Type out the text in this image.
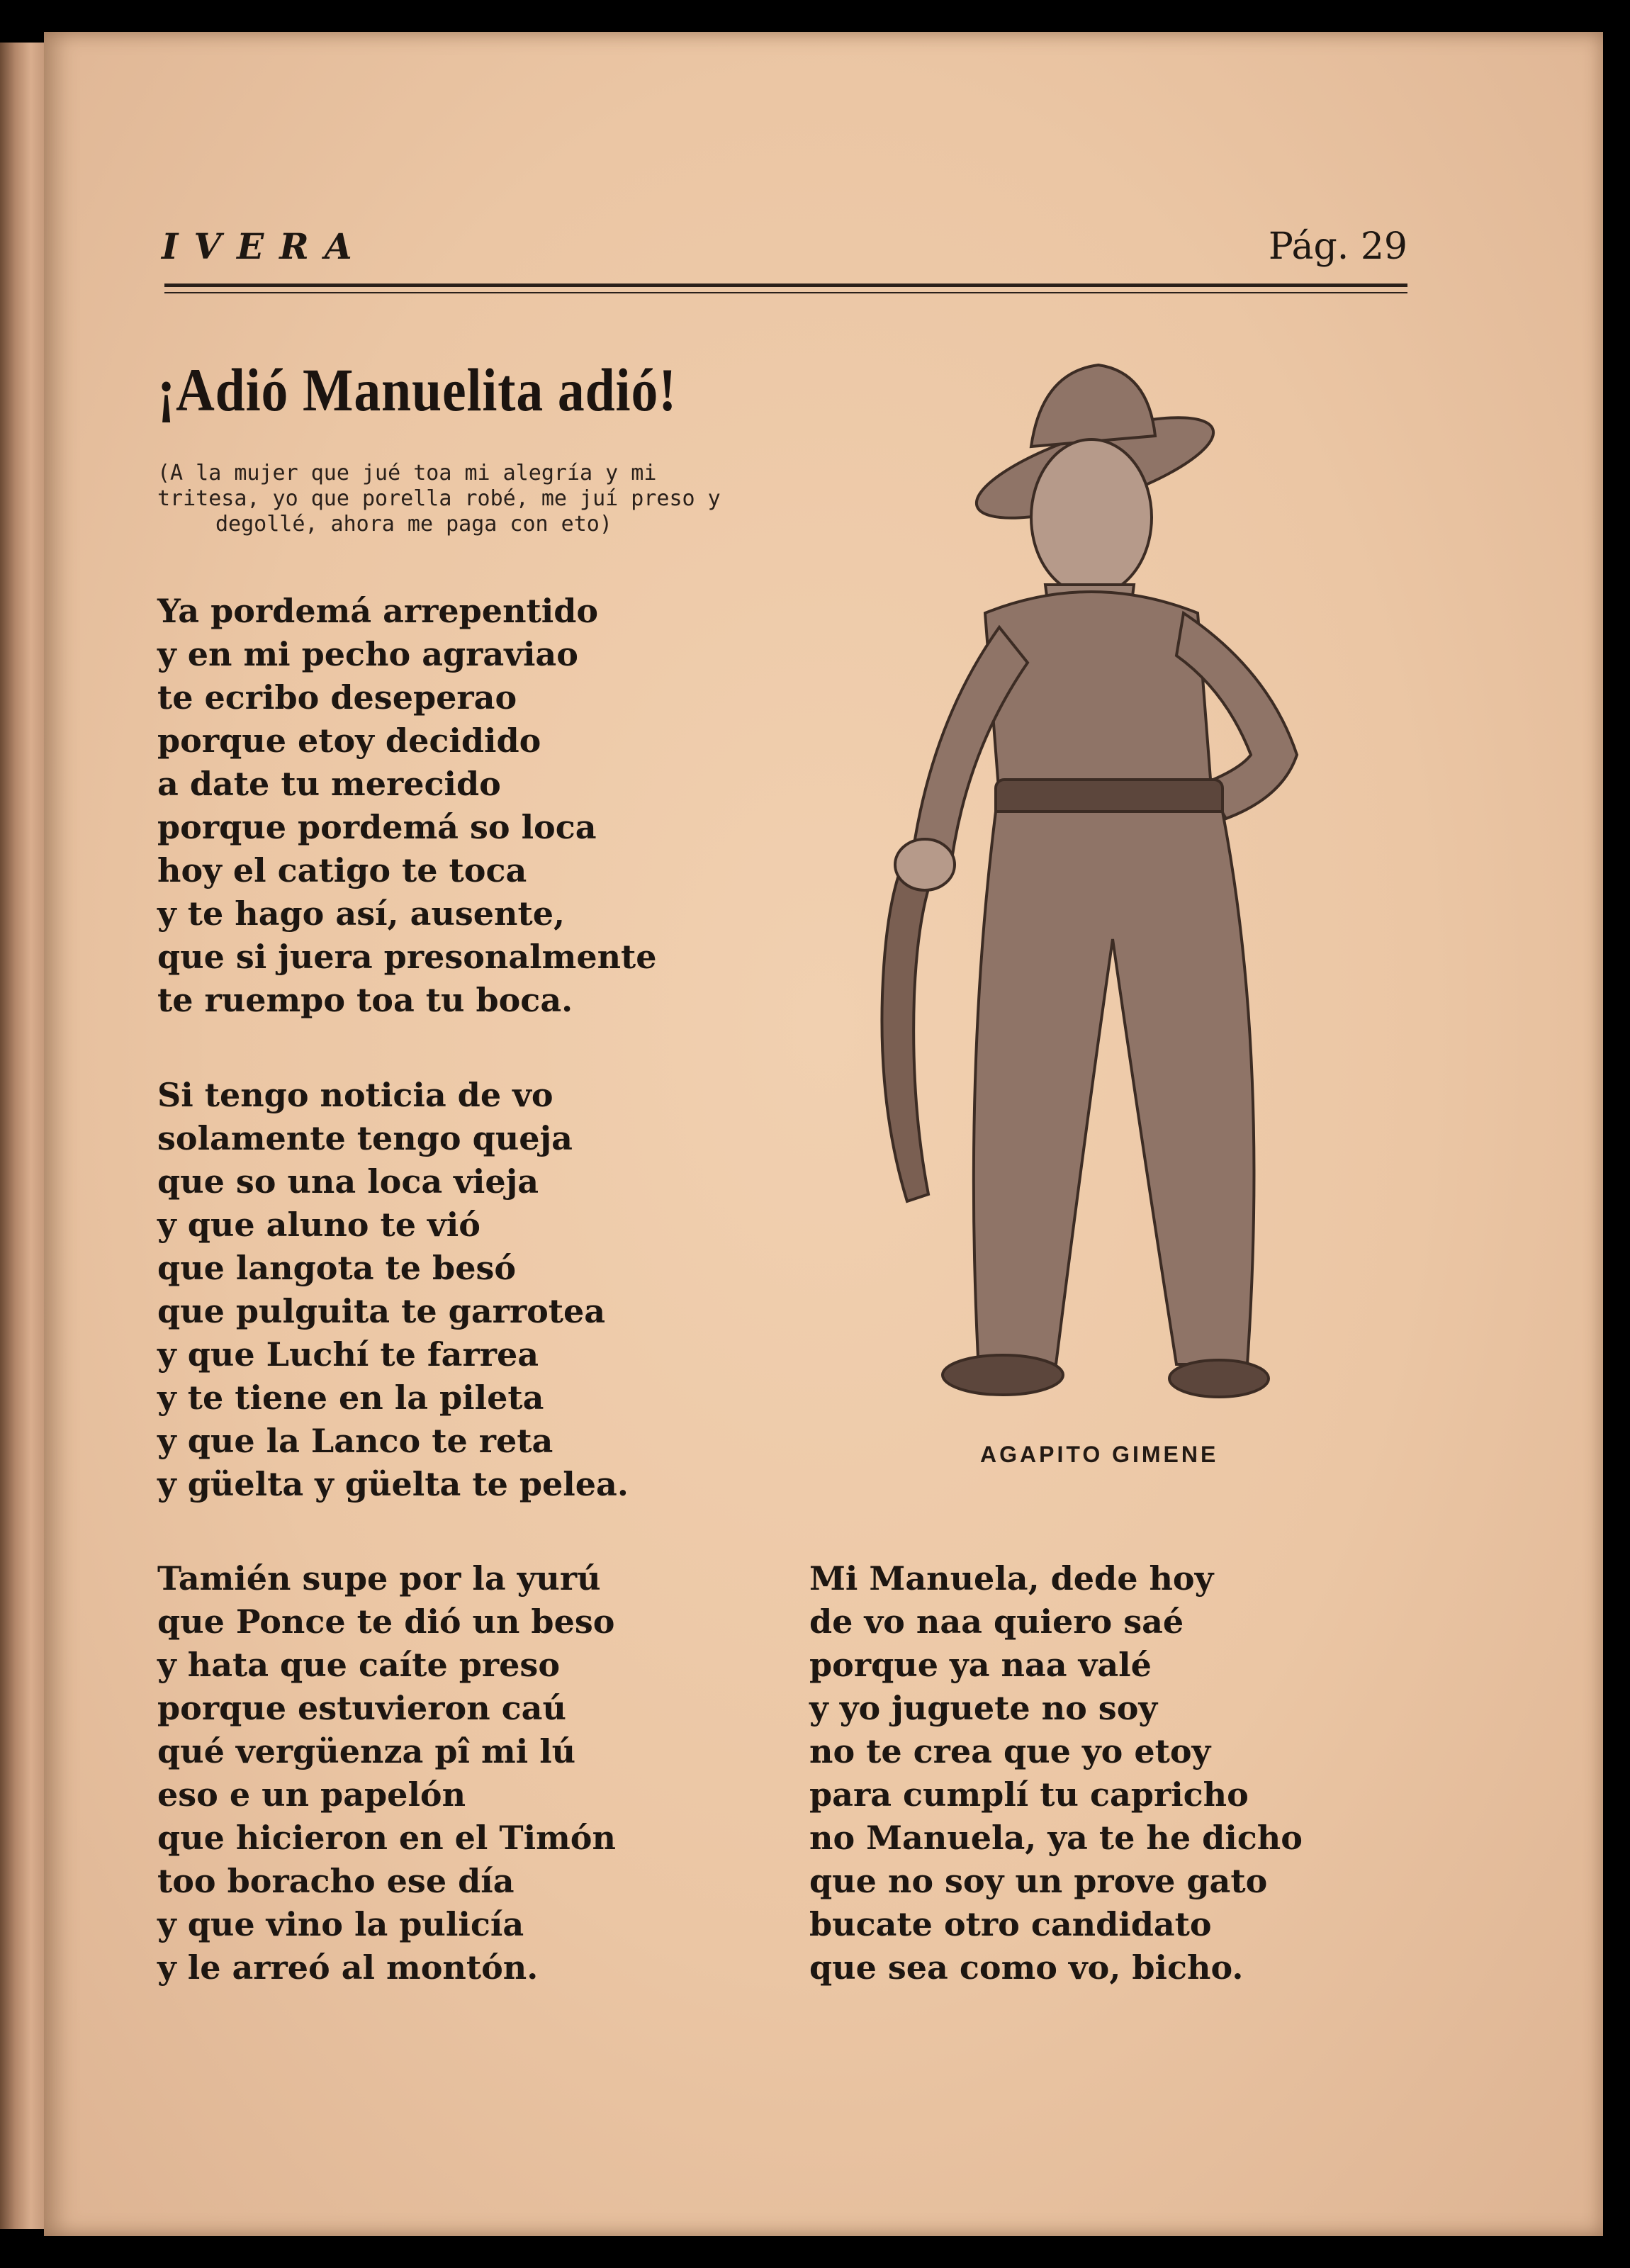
IVERA	Pág. 29
¡Adió Manuelita adió!
(A la mujer que jué toa mi alegría y mi
tritesa, yo que porella robé, me juí preso y
degollé, ahora me paga con eto)
Ya pordemá arrepentido
y en mi pecho agraviao
te ecribo deseperao
porque etoy decidido
a date tu merecido
porque pordemá so loca
hoy el catigo te toca
y te hago así, ausente,
que si juera presonalmente
te ruempo toa tu boca.
Si tengo noticia de vo
solamente tengo queja
que so una loca vieja
y que aluno te vió
que langota te besó
que pulguita te garrotea
y que Luchí te farrea
y te tiene en la pileta
y que la Lanco te reta
y güelta y güelta te pelea.
Tamién supe por la yurú
que Ponce te dió un beso
y hata que caíte preso
porque estuvieron caú
qué vergüenza pî mi lú
eso e un papelón
que hicieron en el Timón
too boracho ese día
y que vino la pulicía
y le arreó al montón.
Mi Manuela, dede hoy
de vo naa quiero saé
porque ya naa valé
y yo juguete no soy
no te crea que yo etoy
para cumplí tu capricho
no Manuela, ya te he dicho
que no soy un prove gato
bucate otro candidato
que sea como vo, bicho.
AGAPITO GIMENE
